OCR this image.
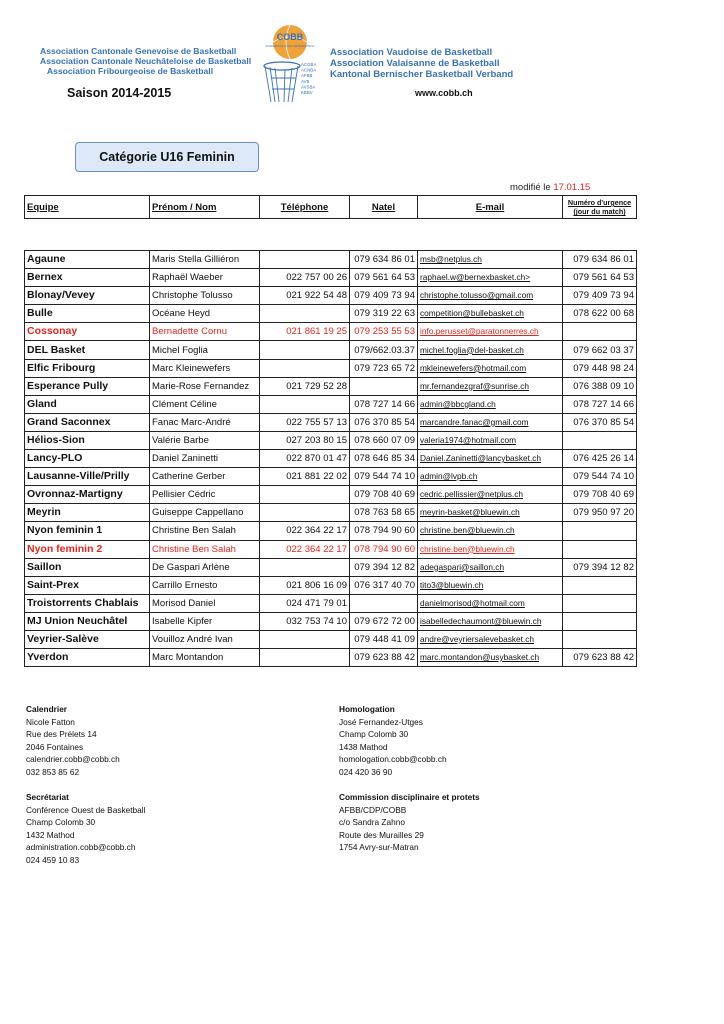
Association Cantonale Genevoise de Basketball
Association Cantonale Neuchâteloise de Basketball
Association Fribourgeoise de Basketball
COBB
CONFÉRENCE OUEST DE BASKETBALL
ACGBA
ACNBA
AFBB
AVB
AVSBA
KBBV
Association Vaudoise de Basketball
Association Valaisanne de Basketball
Kantonal Bernischer Basketball Verband
Saison 2014-2015	www.cobb.ch
Catégorie U16 Feminin
modifié le 17.01.15
Equipe	Prénom / Nom	Téléphone	Natel	E-mail	Numéro d'urgence
(jour du match)
Agaune	Maris Stella Gilliéron		079 634 86 01	msb@netplus.ch	079 634 86 01
Bernex	Raphaël Waeber	022 757 00 26	079 561 64 53	raphael.w@bernexbasket.ch>	079 561 64 53
Blonay/Vevey	Christophe Tolusso	021 922 54 48	079 409 73 94	christophe.tolusso@gmail.com	079 409 73 94
Bulle	Océane Heyd		079 319 22 63	competition@bullebasket.ch	078 622 00 68
Cossonay	Bernadette Cornu	021 861 19 25	079 253 55 53	info.perusset@paratonnerres.ch	
DEL Basket	Michel Foglia		079/662.03.37	michel.foglia@del-basket.ch	079 662 03 37
Elfic Fribourg	Marc Kleinewefers		079 723 65 72	mkleinewefers@hotmail.com	079 448 98 24
Esperance Pully	Marie-Rose Fernandez	021 729 52 28		mr.fernandezgraf@sunrise.ch	076 388 09 10
Gland	Clément Céline		078 727 14 66	admin@bbcgland.ch	078 727 14 66
Grand Saconnex	Fanac Marc-André	022 755 57 13	076 370 85 54	marcandre.fanac@gmail.com	076 370 85 54
Hélios-Sion	Valérie Barbe	027 203 80 15	078 660 07 09	valeria1974@hotmail.com	
Lancy-PLO	Daniel Zaninetti	022 870 01 47	078 646 85 34	Daniel.Zaninetti@lancybasket.ch	076 425 26 14
Lausanne-Ville/Prilly	Catherine Gerber	021 881 22 02	079 544 74 10	admin@lvpb.ch	079 544 74 10
Ovronnaz-Martigny	Pellisier Cédric		079 708 40 69	cedric.pellissier@netplus.ch	079 708 40 69
Meyrin	Guiseppe Cappellano		078 763 58 65	meyrin-basket@bluewin.ch	079 950 97 20
Nyon feminin 1	Christine Ben Salah	022 364 22 17	078 794 90 60	christine.ben@bluewin.ch	
Nyon feminin 2	Christine Ben Salah	022 364 22 17	078 794 90 60	christine.ben@bluewin.ch	
Saillon	De Gaspari Arlène		079 394 12 82	adegaspari@saillon.ch	079 394 12 82
Saint-Prex	Carrillo Ernesto	021 806 16 09	076 317 40 70	tito3@bluewin.ch	
Troistorrents Chablais	Morisod Daniel	024 471 79 01		danielmorisod@hotmail.com	
MJ Union Neuchâtel	Isabelle Kipfer	032 753 74 10	079 672 72 00	isabelledechaumont@bluewin.ch	
Veyrier-Salève	Vouilloz André Ivan		079 448 41 09	andre@veyriersalevebasket.ch	
Yverdon	Marc Montandon		079 623 88 42	marc.montandon@usybasket.ch	079 623 88 42
Calendrier
Nicole Fatton
Rue des Prélets 14
2046 Fontaines
calendrier.cobb@cobb.ch
032 853 85 62
Secrétariat
Conférence Ouest de Basketball
Champ Colomb 30
1432 Mathod
administration.cobb@cobb.ch
024 459 10 83
Homologation
José Fernandez-Utges
Champ Colomb 30
1438 Mathod
homologation.cobb@cobb.ch
024 420 36 90
Commission disciplinaire et protets
AFBB/CDP/COBB
c/o Sandra Zahno
Route des Murailles 29
1754 Avry-sur-Matran
